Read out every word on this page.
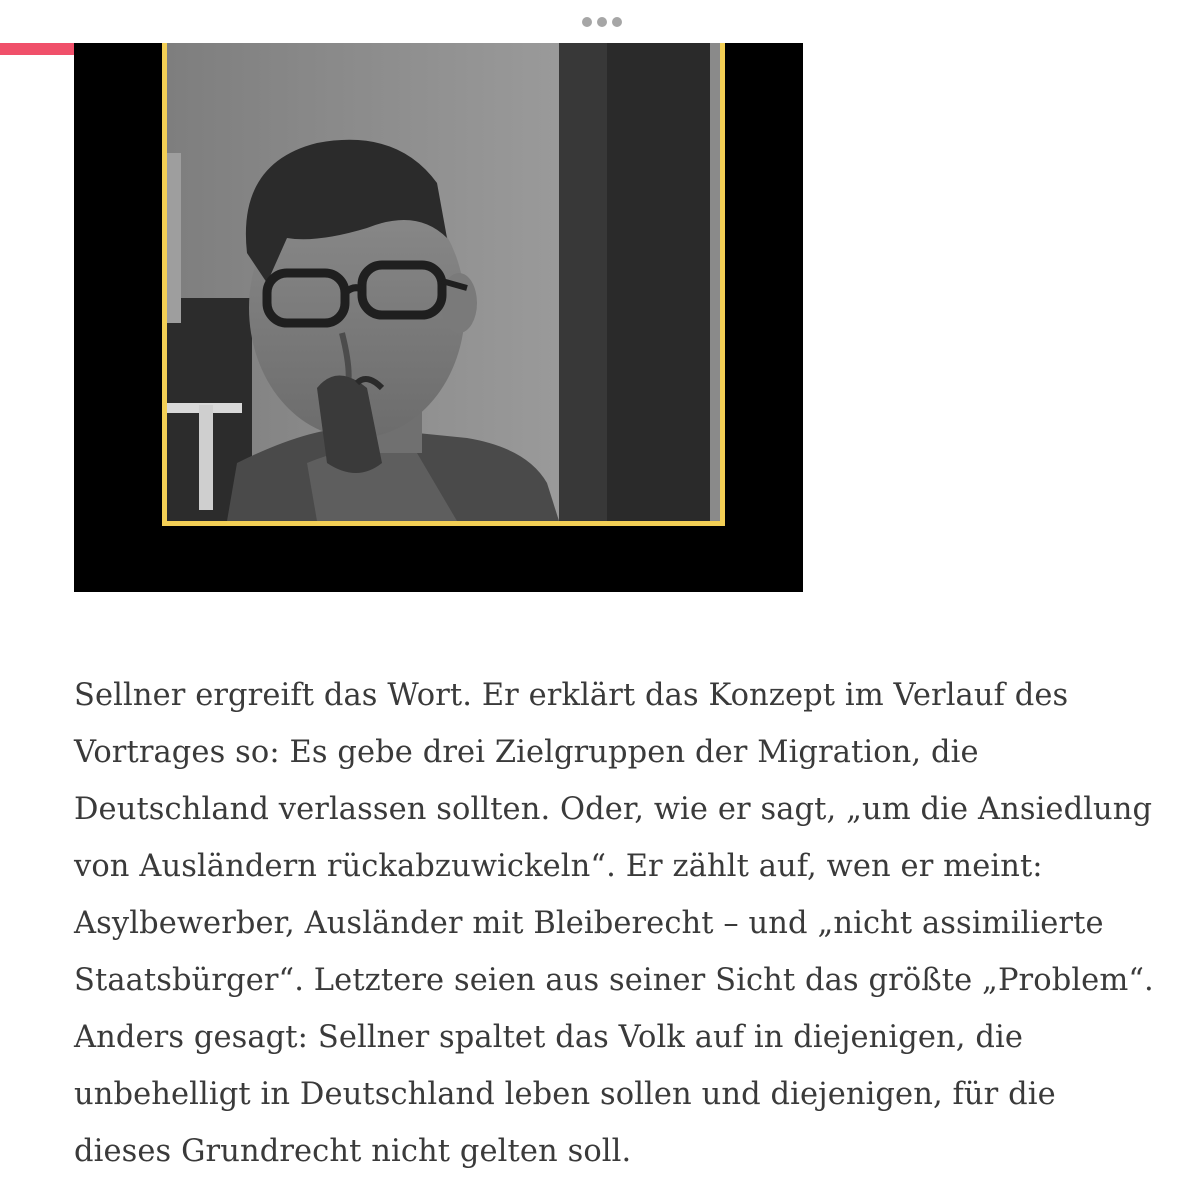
Sellner ergreift das Wort. Er erklärt das Konzept im Verlauf des Vortrages so: Es gebe drei Zielgruppen der Migration, die Deutschland verlassen sollten. Oder, wie er sagt, „um die Ansiedlung von Ausländern rückabzuwickeln“. Er zählt auf, wen er meint: Asylbewerber, Ausländer mit Bleiberecht – und „nicht assimilierte Staatsbürger“. Letztere seien aus seiner Sicht das größte „Problem“. Anders gesagt: Sellner spaltet das Volk auf in diejenigen, die unbehelligt in Deutschland leben sollen und diejenigen, für die dieses Grundrecht nicht gelten soll.
